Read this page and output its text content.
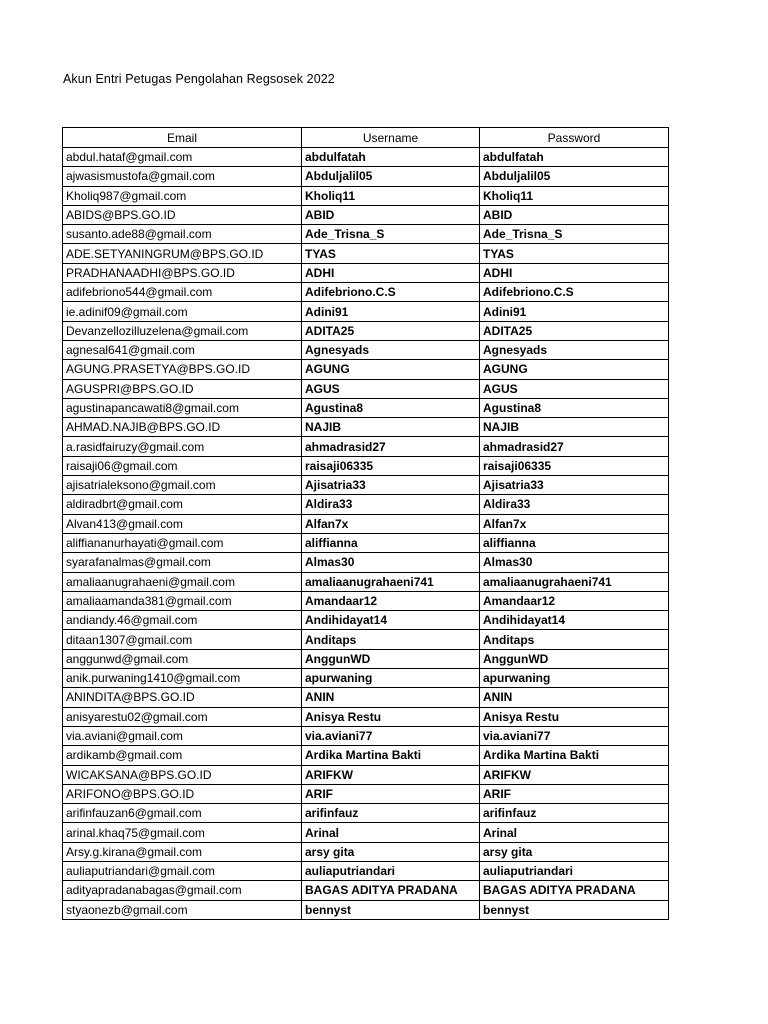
Akun Entri Petugas Pengolahan Regsosek 2022
Email	Username	Password
abdul.hataf@gmail.com	abdulfatah	abdulfatah
ajwasismustofa@gmail.com	Abduljalil05	Abduljalil05
Kholiq987@gmail.com	Kholiq11	Kholiq11
ABIDS@BPS.GO.ID	ABID	ABID
susanto.ade88@gmail.com	Ade_Trisna_S	Ade_Trisna_S
ADE.SETYANINGRUM@BPS.GO.ID	TYAS	TYAS
PRADHANAADHI@BPS.GO.ID	ADHI	ADHI
adifebriono544@gmail.com	Adifebriono.C.S	Adifebriono.C.S
ie.adinif09@gmail.com	Adini91	Adini91
Devanzellozilluzelena@gmail.com	ADITA25	ADITA25
agnesal641@gmail.com	Agnesyads	Agnesyads
AGUNG.PRASETYA@BPS.GO.ID	AGUNG	AGUNG
AGUSPRI@BPS.GO.ID	AGUS	AGUS
agustinapancawati8@gmail.com	Agustina8	Agustina8
AHMAD.NAJIB@BPS.GO.ID	NAJIB	NAJIB
a.rasidfairuzy@gmail.com	ahmadrasid27	ahmadrasid27
raisaji06@gmail.com	raisaji06335	raisaji06335
ajisatrialeksono@gmail.com	Ajisatria33	Ajisatria33
aldiradbrt@gmail.com	Aldira33	Aldira33
Alvan413@gmail.com	Alfan7x	Alfan7x
aliffiananurhayati@gmail.com	aliffianna	aliffianna
syarafanalmas@gmail.com	Almas30	Almas30
amaliaanugrahaeni@gmail.com	amaliaanugrahaeni741	amaliaanugrahaeni741
amaliaamanda381@gmail.com	Amandaar12	Amandaar12
andiandy.46@gmail.com	Andihidayat14	Andihidayat14
ditaan1307@gmail.com	Anditaps	Anditaps
anggunwd@gmail.com	AnggunWD	AnggunWD
anik.purwaning1410@gmail.com	apurwaning	apurwaning
ANINDITA@BPS.GO.ID	ANIN	ANIN
anisyarestu02@gmail.com	Anisya Restu	Anisya Restu
via.aviani@gmail.com	via.aviani77	via.aviani77
ardikamb@gmail.com	Ardika Martina Bakti	Ardika Martina Bakti
WICAKSANA@BPS.GO.ID	ARIFKW	ARIFKW
ARIFONO@BPS.GO.ID	ARIF	ARIF
arifinfauzan6@gmail.com	arifinfauz	arifinfauz
arinal.khaq75@gmail.com	Arinal	Arinal
Arsy.g.kirana@gmail.com	arsy gita	arsy gita
auliaputriandari@gmail.com	auliaputriandari	auliaputriandari
adityapradanabagas@gmail.com	BAGAS ADITYA PRADANA	BAGAS ADITYA PRADANA
styaonezb@gmail.com	bennyst	bennyst
